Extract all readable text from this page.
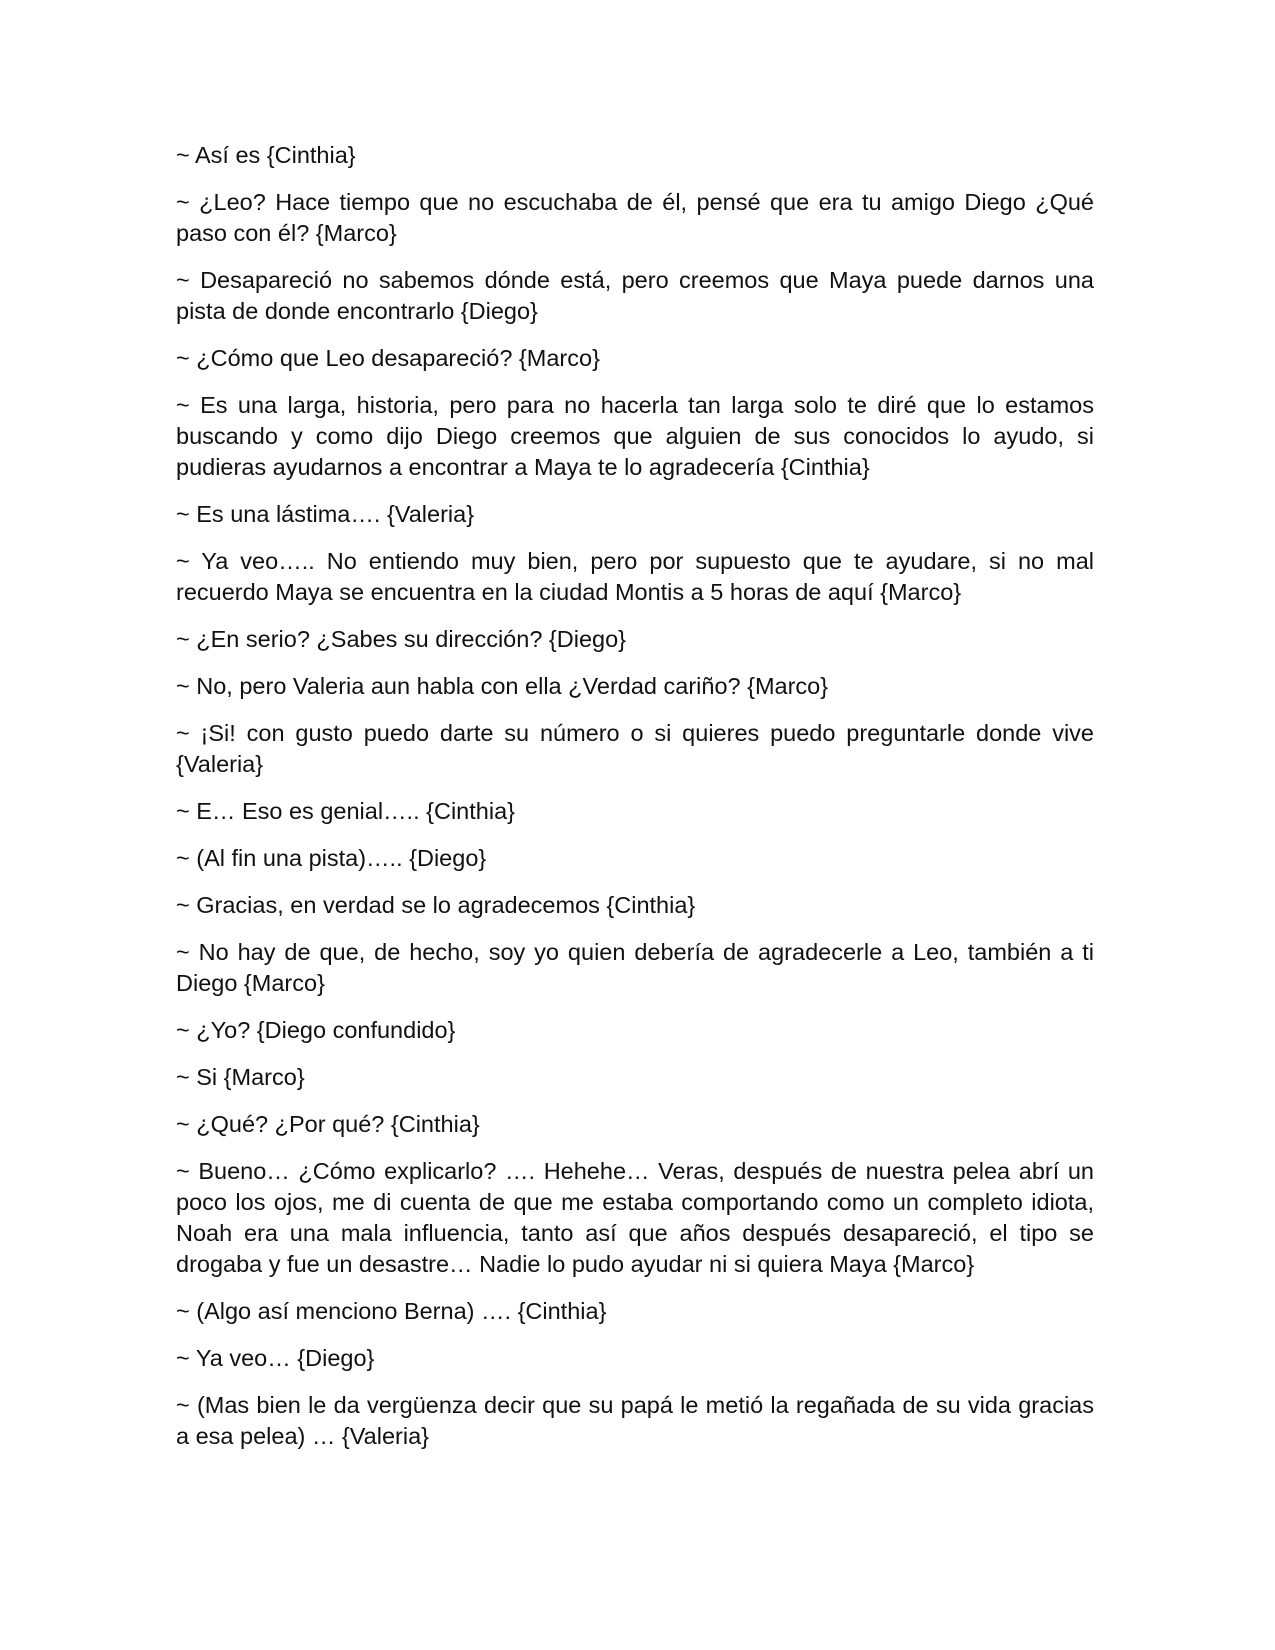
~ Así es {Cinthia}

~ ¿Leo? Hace tiempo que no escuchaba de él, pensé que era tu amigo Diego ¿Qué paso con él? {Marco}

~ Desapareció no sabemos dónde está, pero creemos que Maya puede darnos una pista de donde encontrarlo {Diego}

~ ¿Cómo que Leo desapareció? {Marco}

~ Es una larga, historia, pero para no hacerla tan larga solo te diré que lo estamos buscando y como dijo Diego creemos que alguien de sus conocidos lo ayudo, si pudieras ayudarnos a encontrar a Maya te lo agradecería {Cinthia}

~ Es una lástima…. {Valeria}

~ Ya veo….. No entiendo muy bien, pero por supuesto que te ayudare, si no mal recuerdo Maya se encuentra en la ciudad Montis a 5 horas de aquí {Marco}

~ ¿En serio? ¿Sabes su dirección? {Diego}

~ No, pero Valeria aun habla con ella ¿Verdad cariño? {Marco}

~ ¡Si! con gusto puedo darte su número o si quieres puedo preguntarle donde vive {Valeria}

~ E… Eso es genial….. {Cinthia}

~ (Al fin una pista)….. {Diego}

~ Gracias, en verdad se lo agradecemos {Cinthia}

~ No hay de que, de hecho, soy yo quien debería de agradecerle a Leo, también a ti Diego {Marco}

~ ¿Yo? {Diego confundido}

~ Si {Marco}

~ ¿Qué? ¿Por qué? {Cinthia}

~ Bueno… ¿Cómo explicarlo? …. Hehehe… Veras, después de nuestra pelea abrí un poco los ojos, me di cuenta de que me estaba comportando como un completo idiota, Noah era una mala influencia, tanto así que años después desapareció, el tipo se drogaba y fue un desastre… Nadie lo pudo ayudar ni si quiera Maya {Marco}

~ (Algo así menciono Berna) …. {Cinthia}

~ Ya veo… {Diego}

~ (Mas bien le da vergüenza decir que su papá le metió la regañada de su vida gracias a esa pelea) … {Valeria}
